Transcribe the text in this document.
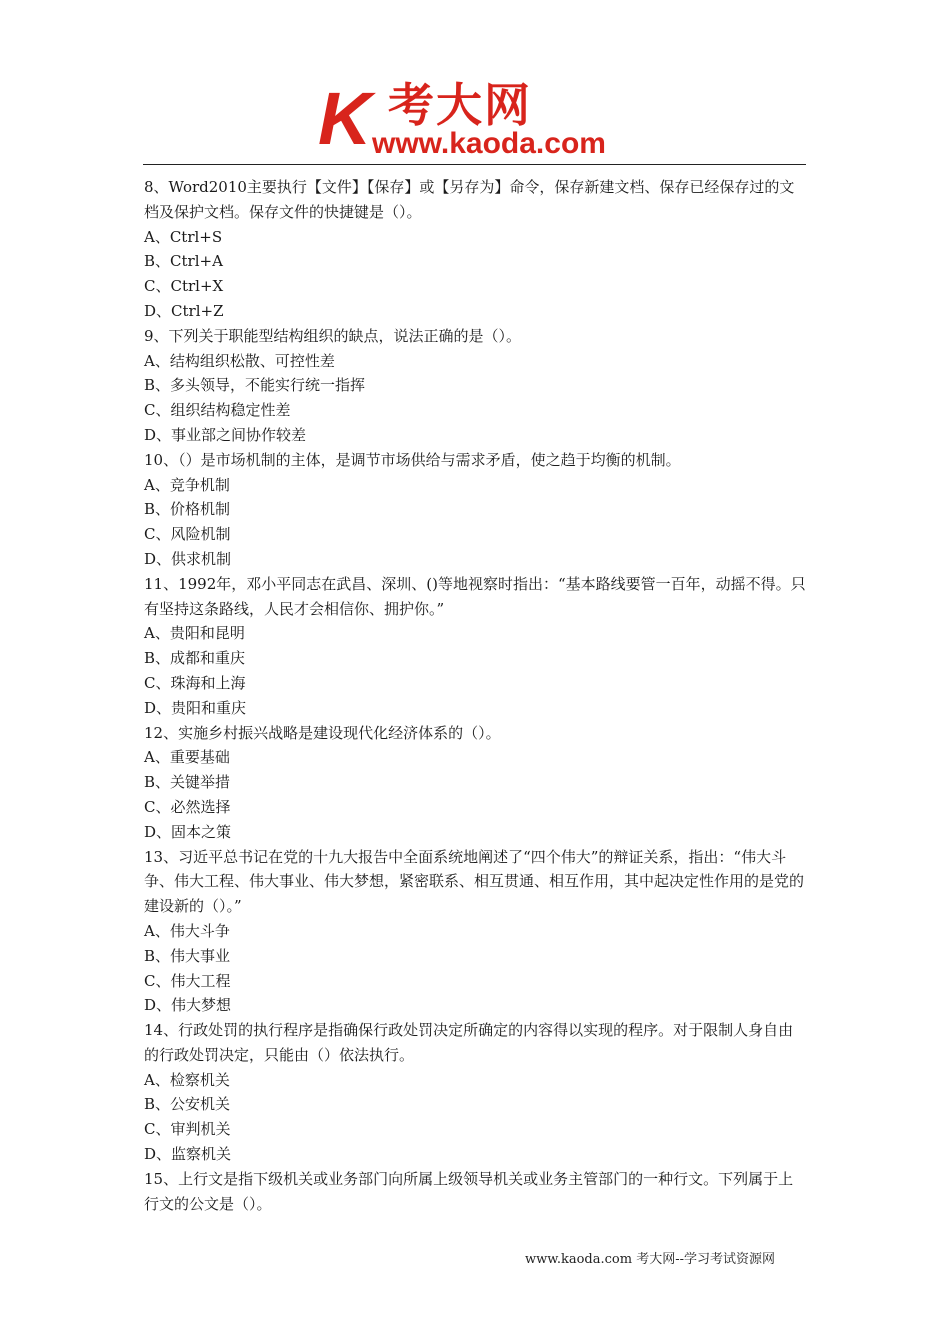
K 考大网
www.kaoda.com

8、Word2010主要执行【文件】【保存】或【另存为】命令，保存新建文档、保存已经保存过的文档及保护文档。保存文件的快捷键是（）。

A、Ctrl+S

B、Ctrl+A

C、Ctrl+X

D、Ctrl+Z

9、下列关于职能型结构组织的缺点，说法正确的是（）。

A、结构组织松散、可控性差

B、多头领导，不能实行统一指挥

C、组织结构稳定性差

D、事业部之间协作较差

10、（）是市场机制的主体，是调节市场供给与需求矛盾，使之趋于均衡的机制。

A、竞争机制

B、价格机制

C、风险机制

D、供求机制

11、1992年，邓小平同志在武昌、深圳、()等地视察时指出：“基本路线要管一百年，动摇不得。只有坚持这条路线，人民才会相信你、拥护你。”

A、贵阳和昆明

B、成都和重庆

C、珠海和上海

D、贵阳和重庆

12、实施乡村振兴战略是建设现代化经济体系的（）。

A、重要基础

B、关键举措

C、必然选择

D、固本之策

13、习近平总书记在党的十九大报告中全面系统地阐述了“四个伟大”的辩证关系，指出：“伟大斗争、伟大工程、伟大事业、伟大梦想，紧密联系、相互贯通、相互作用，其中起决定性作用的是党的建设新的（）。”

A、伟大斗争

B、伟大事业

C、伟大工程

D、伟大梦想

14、行政处罚的执行程序是指确保行政处罚决定所确定的内容得以实现的程序。对于限制人身自由的行政处罚决定，只能由（）依法执行。

A、检察机关

B、公安机关

C、审判机关

D、监察机关

15、上行文是指下级机关或业务部门向所属上级领导机关或业务主管部门的一种行文。下列属于上行文的公文是（）。

www.kaoda.com 考大网--学习考试资源网
